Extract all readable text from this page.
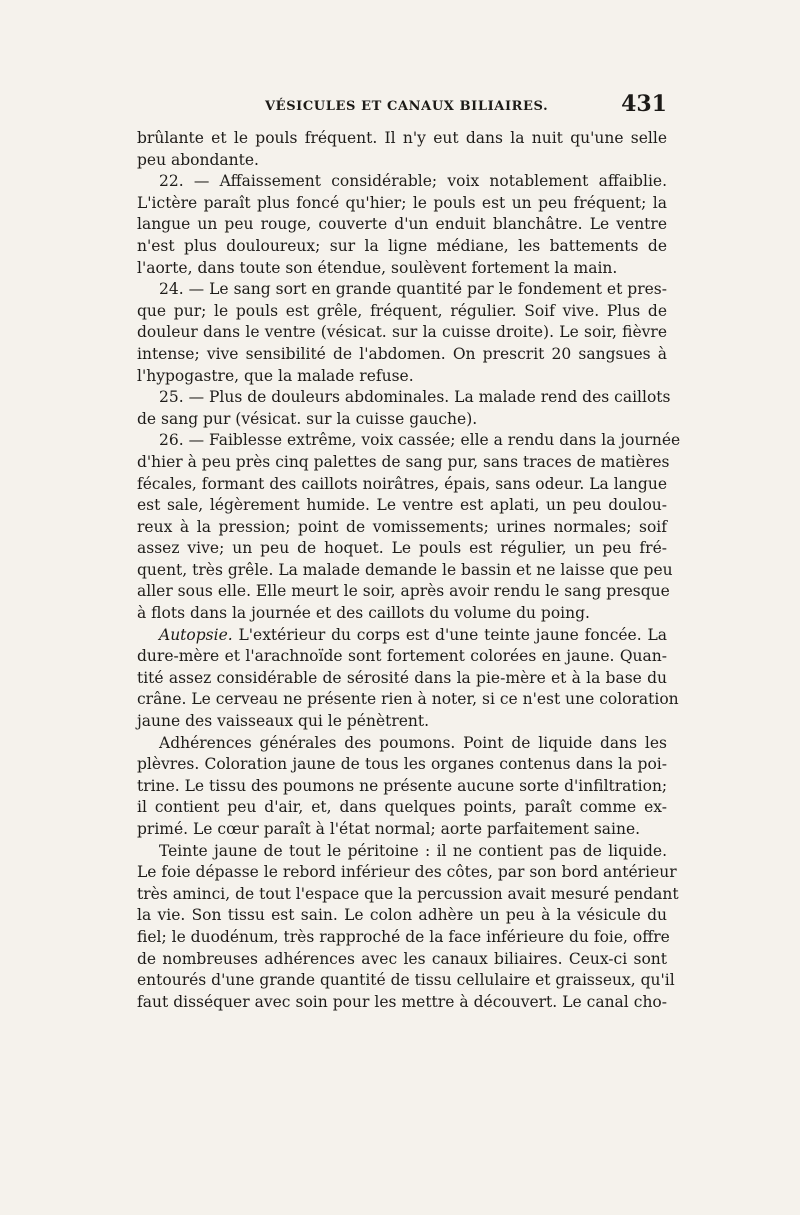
VÉSICULES ET CANAUX BILIAIRES.	431
brûlante et le pouls fréquent. Il n'y eut dans la nuit qu'une selle
peu abondante.
22. — Affaissement considérable; voix notablement affaiblie.
L'ictère paraît plus foncé qu'hier; le pouls est un peu fréquent; la
langue un peu rouge, couverte d'un enduit blanchâtre. Le ventre
n'est plus douloureux; sur la ligne médiane, les battements de
l'aorte, dans toute son étendue, soulèvent fortement la main.
24. — Le sang sort en grande quantité par le fondement et pres-
que pur; le pouls est grêle, fréquent, régulier. Soif vive. Plus de
douleur dans le ventre (vésicat. sur la cuisse droite). Le soir, fièvre
intense; vive sensibilité de l'abdomen. On prescrit 20 sangsues à
l'hypogastre, que la malade refuse.
25. — Plus de douleurs abdominales. La malade rend des caillots
de sang pur (vésicat. sur la cuisse gauche).
26. — Faiblesse extrême, voix cassée; elle a rendu dans la journée
d'hier à peu près cinq palettes de sang pur, sans traces de matières
fécales, formant des caillots noirâtres, épais, sans odeur. La langue
est sale, légèrement humide. Le ventre est aplati, un peu doulou-
reux à la pression; point de vomissements; urines normales; soif
assez vive; un peu de hoquet. Le pouls est régulier, un peu fré-
quent, très grêle. La malade demande le bassin et ne laisse que peu
aller sous elle. Elle meurt le soir, après avoir rendu le sang presque
à flots dans la journée et des caillots du volume du poing.
Autopsie. L'extérieur du corps est d'une teinte jaune foncée. La
dure-mère et l'arachnoïde sont fortement colorées en jaune. Quan-
tité assez considérable de sérosité dans la pie-mère et à la base du
crâne. Le cerveau ne présente rien à noter, si ce n'est une coloration
jaune des vaisseaux qui le pénètrent.
Adhérences générales des poumons. Point de liquide dans les
plèvres. Coloration jaune de tous les organes contenus dans la poi-
trine. Le tissu des poumons ne présente aucune sorte d'infiltration;
il contient peu d'air, et, dans quelques points, paraît comme ex-
primé. Le cœur paraît à l'état normal; aorte parfaitement saine.
Teinte jaune de tout le péritoine : il ne contient pas de liquide.
Le foie dépasse le rebord inférieur des côtes, par son bord antérieur
très aminci, de tout l'espace que la percussion avait mesuré pendant
la vie. Son tissu est sain. Le colon adhère un peu à la vésicule du
fiel; le duodénum, très rapproché de la face inférieure du foie, offre
de nombreuses adhérences avec les canaux biliaires. Ceux-ci sont
entourés d'une grande quantité de tissu cellulaire et graisseux, qu'il
faut disséquer avec soin pour les mettre à découvert. Le canal cho-
